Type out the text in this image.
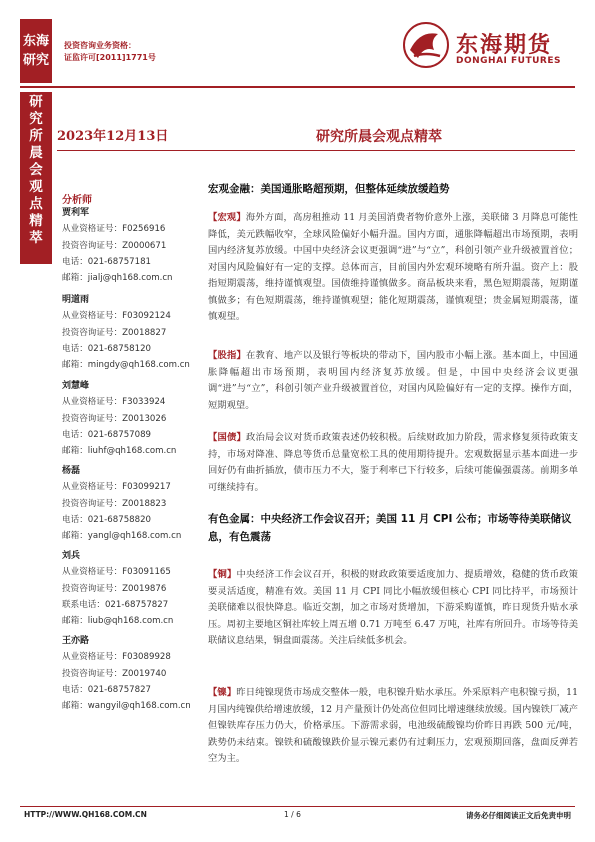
东海
研究
投资咨询业务资格：
证监许可[2011]1771号	东海期货
DONGHAI FUTURES
研
究
所
晨
会
观
点
精
萃
2023年12月13日	研究所晨会观点精萃
分析师
贾利军
从业资格证号：F0256916
投资咨询证号：Z0000671
电话：021-68757181
邮箱：jialj@qh168.com.cn
明道雨
从业资格证号：F03092124
投资咨询证号：Z0018827
电话：021-68758120
邮箱：mingdy@qh168.com.cn
刘慧峰
从业资格证号：F3033924
投资咨询证号：Z0013026
电话：021-68757089
邮箱：liuhf@qh168.com.cn
杨磊
从业资格证号：F03099217
投资咨询证号：Z0018823
电话：021-68758820
邮箱：yangl@qh168.com.cn
刘兵
从业资格证号：F03091165
投资咨询证号：Z0019876
联系电话：021-68757827
邮箱：liub@qh168.com.cn
王亦路
从业资格证号：F03089928
投资咨询证号：Z0019740
电话：021-68757827
邮箱：wangyil@qh168.com.cn
宏观金融：美国通胀略超预期，但整体延续放缓趋势
【宏观】海外方面，高房租推动 11 月美国消费者物价意外上涨，美联储 3 月降息可能性降低，美元跌幅收窄，全球风险偏好小幅升温。国内方面，通胀降幅超出市场预期，表明国内经济复苏放缓。中国中央经济会议更强调“进”与“立”，科创引领产业升级被置首位；对国内风险偏好有一定的支撑。总体而言，目前国内外宏观环境略有所升温。资产上：股指短期震荡，维持谨慎观望。国债维持谨慎做多。商品板块来看，黑色短期震荡，短期谨慎做多；有色短期震荡，维持谨慎观望；能化短期震荡，谨慎观望；贵金属短期震荡，谨慎观望。
【股指】在教育、地产以及银行等板块的带动下，国内股市小幅上涨。基本面上，中国通胀降幅超出市场预期，表明国内经济复苏放缓。但是，中国中央经济会议更强调“进”与“立”，科创引领产业升级被置首位，对国内风险偏好有一定的支撑。操作方面，短期观望。
【国债】政治局会议对货币政策表述仍较积极。后续财政加力阶段，需求修复须待政策支持，市场对降准、降息等货币总量宽松工具的使用期待提升。宏观数据显示基本面进一步回好仍有曲折插放，债市压力不大，鉴于利率已下行较多，后续可能偏强震荡。前期多单可继续持有。
有色金属：中央经济工作会议召开；美国 11 月 CPI 公布；市场等待美联储议息，有色震荡
【铜】中央经济工作会议召开，积极的财政政策要适度加力、提质增效，稳健的货币政策要灵活适度，精准有效。美国 11 月 CPI 同比小幅放缓但核心 CPI 同比持平，市场预计美联储难以很快降息。临近交割，加之市场对货增加，下游采购谨慎，昨日现货升贴水承压。周初主要地区铜社库较上周五增 0.71 万吨至 6.47 万吨，社库有所回升。市场等待美联储议息结果，铜盘面震荡。关注后续低多机会。
【镍】昨日纯镍现货市场成交整体一般，电积镍升贴水承压。外采原料产电积镍亏损，11 月国内纯镍供给增速放缓，12 月产量预计仍处高位但同比增速继续放缓。国内镍铁厂减产但镍铁库存压力仍大，价格承压。下游需求弱，电池级硫酸镍均价昨日再跌 500 元/吨，跌势仍未结束。镍铁和硫酸镍跌价显示镍元素仍有过剩压力，宏观预期回落，盘面反弹若空为主。
HTTP://WWW.QH168.COM.CN	1 / 6	请务必仔细阅读正文后免责申明
